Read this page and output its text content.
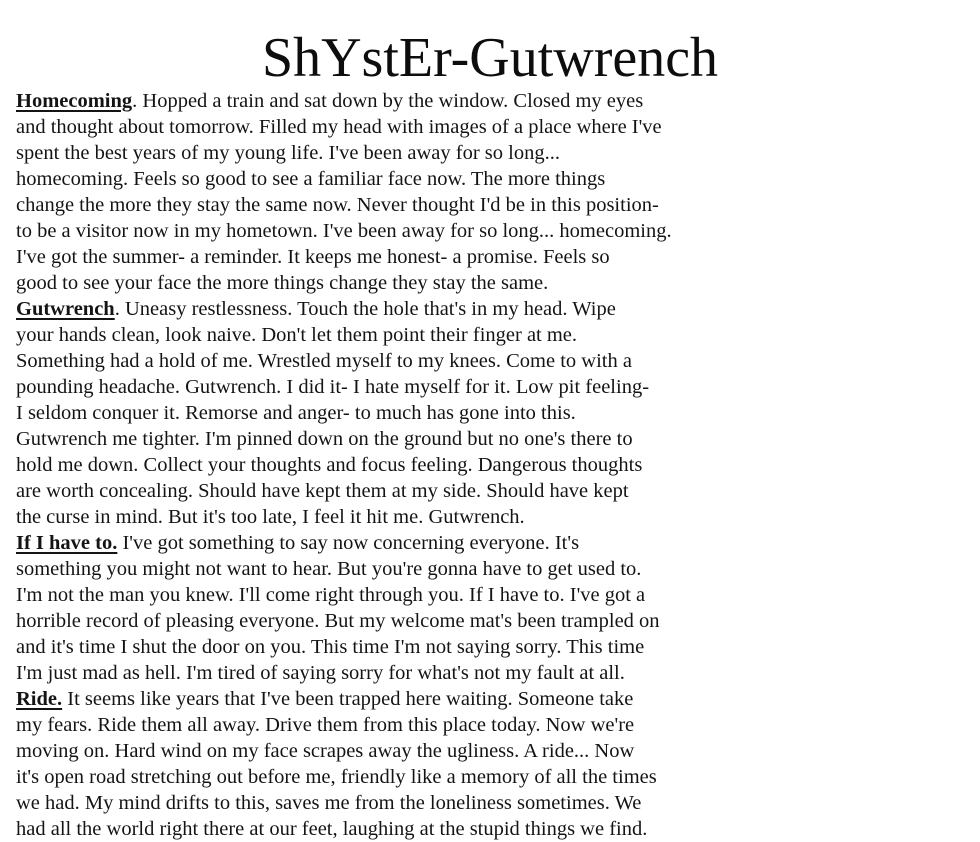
ShYstEr-Gutwrench
Homecoming. Hopped a train and sat down by the window. Closed my eyes
and thought about tomorrow. Filled my head with images of a place where I've
spent the best years of my young life. I've been away for so long...
homecoming. Feels so good to see a familiar face now. The more things
change the more they stay the same now. Never thought I'd be in this position-
to be a visitor now in my hometown. I've been away for so long... homecoming.
I've got the summer- a reminder. It keeps me honest- a promise. Feels so
good to see your face the more things change they stay the same.
Gutwrench. Uneasy restlessness. Touch the hole that's in my head. Wipe
your hands clean, look naive. Don't let them point their finger at me.
Something had a hold of me. Wrestled myself to my knees. Come to with a
pounding headache. Gutwrench. I did it- I hate myself for it. Low pit feeling-
I seldom conquer it. Remorse and anger- to much has gone into this.
Gutwrench me tighter. I'm pinned down on the ground but no one's there to
hold me down. Collect your thoughts and focus feeling. Dangerous thoughts
are worth concealing. Should have kept them at my side. Should have kept
the curse in mind. But it's too late, I feel it hit me. Gutwrench.
If I have to. I've got something to say now concerning everyone. It's
something you might not want to hear. But you're gonna have to get used to.
I'm not the man you knew. I'll come right through you. If I have to. I've got a
horrible record of pleasing everyone. But my welcome mat's been trampled on
and it's time I shut the door on you. This time I'm not saying sorry. This time
I'm just mad as hell. I'm tired of saying sorry for what's not my fault at all.
Ride. It seems like years that I've been trapped here waiting. Someone take
my fears. Ride them all away. Drive them from this place today. Now we're
moving on. Hard wind on my face scrapes away the ugliness. A ride... Now
it's open road stretching out before me, friendly like a memory of all the times
we had. My mind drifts to this, saves me from the loneliness sometimes. We
had all the world right there at our feet, laughing at the stupid things we find.
